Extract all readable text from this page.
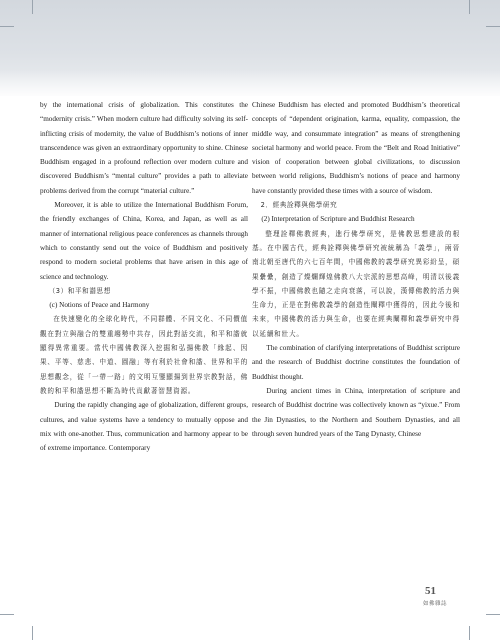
by the international crisis of globalization. This constitutes the “modernity crisis.” When modern culture had difficulty solving its self-inflicting crisis of modernity, the value of Buddhism’s notions of inner transcendence was given an extraordinary opportunity to shine. Chinese Buddhism engaged in a profound reflection over modern culture and discovered Buddhism’s “mental culture” provides a path to alleviate problems derived from the corrupt “material culture.”

Moreover, it is able to utilize the International Buddhism Forum, the friendly exchanges of China, Korea, and Japan, as well as all manner of international religious peace conferences as channels through which to constantly send out the voice of Buddhism and positively respond to modern societal problems that have arisen in this age of science and technology.

（3）和平和諧思想

(c) Notions of Peace and Harmony

在快速變化的全球化時代，不同群體、不同文化、不同價值觀在對立與融合的雙重趨勢中共存，因此對話交流，和平和諧就顯得異常重要。當代中國佛教深入挖掘和弘揚佛教「緣起、因果、平等、慈悲、中道、圓融」等有利於社會和諧、世界和平的思想觀念，從「一帶一路」的文明互鑒顯揚到世界宗教對話，佛教的和平和諧思想不斷為時代貢獻著智慧資源。

During the rapidly changing age of globalization, different groups, cultures, and value systems have a tendency to mutually oppose and mix with one-another. Thus, communication and harmony appear to be of extreme importance. Contemporary

Chinese Buddhism has elected and promoted Buddhism’s theoretical concepts of “dependent origination, karma, equality, compassion, the middle way, and consummate integration” as means of strengthening societal harmony and world peace. From the “Belt and Road Initiative” vision of cooperation between global civilizations, to discussion between world religions, Buddhism’s notions of peace and harmony have constantly provided these times with a source of wisdom.

2．經典詮釋與佛學研究

(2) Interpretation of Scripture and Buddhist Research

整理詮釋佛教經典，進行佛學研究，是佛教思想建設的根基。在中國古代，經典詮釋與佛學研究被統稱為「義學」，兩晉南北朝至唐代的六七百年間，中國佛教的義學研究異彩紛呈，碩果纍纍，創造了燦爛輝煌佛教八大宗派的思想高峰，明清以後義學不振，中國佛教也隨之走向衰落，可以說，漢傳佛教的活力與生命力，正是在對佛教義學的創造性闡釋中獲得的，因此今後和未來，中國佛教的活力與生命，也要在經典闡釋和義學研究中得以延續和壯大。

The combination of clarifying interpretations of Buddhist scripture and the research of Buddhist doctrine constitutes the foundation of Buddhist thought.

During ancient times in China, interpretation of scripture and research of Buddhist doctrine was collectively known as “yixue.” From the Jin Dynasties, to the Northern and Southern Dynasties, and all through seven hundred years of the Tang Dynasty, Chinese

51
如佛雜誌
